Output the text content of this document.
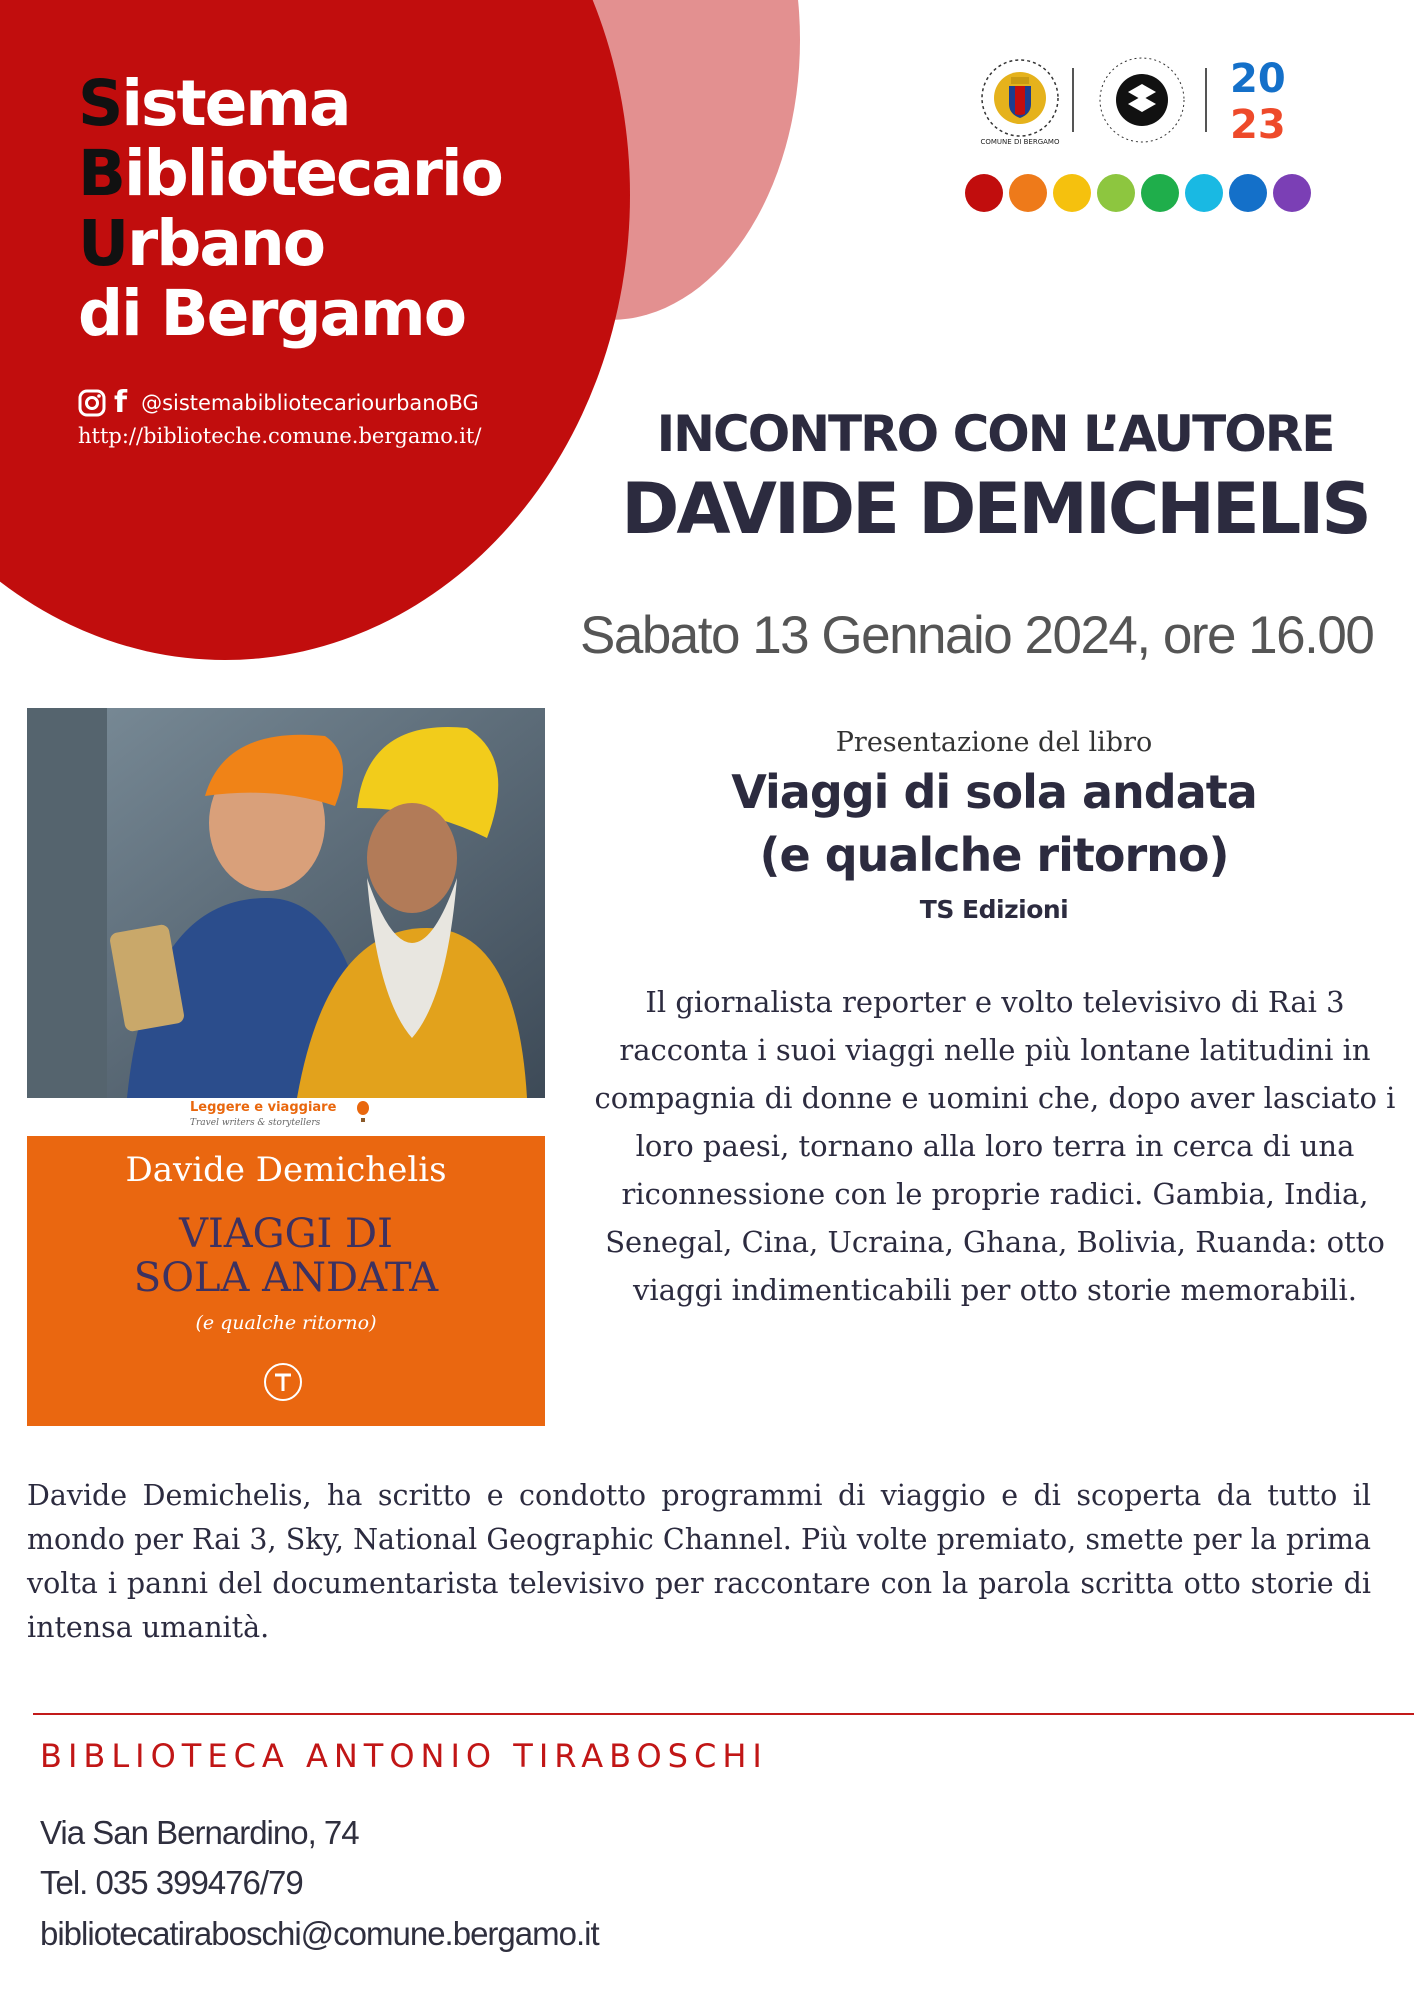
Sistema
Bibliotecario
Urbano
di Bergamo
f @sistemabibliotecariourbanoBG
http://biblioteche.comune.bergamo.it/
COMUNE DI BERGAMO
20
23
INCONTRO CON L’AUTORE
DAVIDE DEMICHELIS
Sabato 13 Gennaio 2024, ore 16.00
Leggere e viaggiare
Travel writers & storytellers
Davide Demichelis
VIAGGI DI
SOLA ANDATA
(e qualche ritorno)
Presentazione del libro
Viaggi di sola andata
(e qualche ritorno)
TS Edizioni
Il giornalista reporter e volto televisivo di Rai 3 racconta i suoi viaggi nelle più lontane latitudini in compagnia di donne e uomini che, dopo aver lasciato i loro paesi, tornano alla loro terra in cerca di una riconnessione con le proprie radici. Gambia, India, Senegal, Cina, Ucraina, Ghana, Bolivia, Ruanda: otto viaggi indimenticabili per otto storie memorabili.
Davide Demichelis, ha scritto e condotto programmi di viaggio e di scoperta da tutto il mondo per Rai 3, Sky, National Geographic Channel. Più volte premiato, smette per la prima volta i panni del documentarista televisivo per raccontare con la parola scritta otto storie di intensa umanità.
BIBLIOTECA ANTONIO TIRABOSCHI
Via San Bernardino, 74
Tel. 035 399476/79
bibliotecatiraboschi@comune.bergamo.it
